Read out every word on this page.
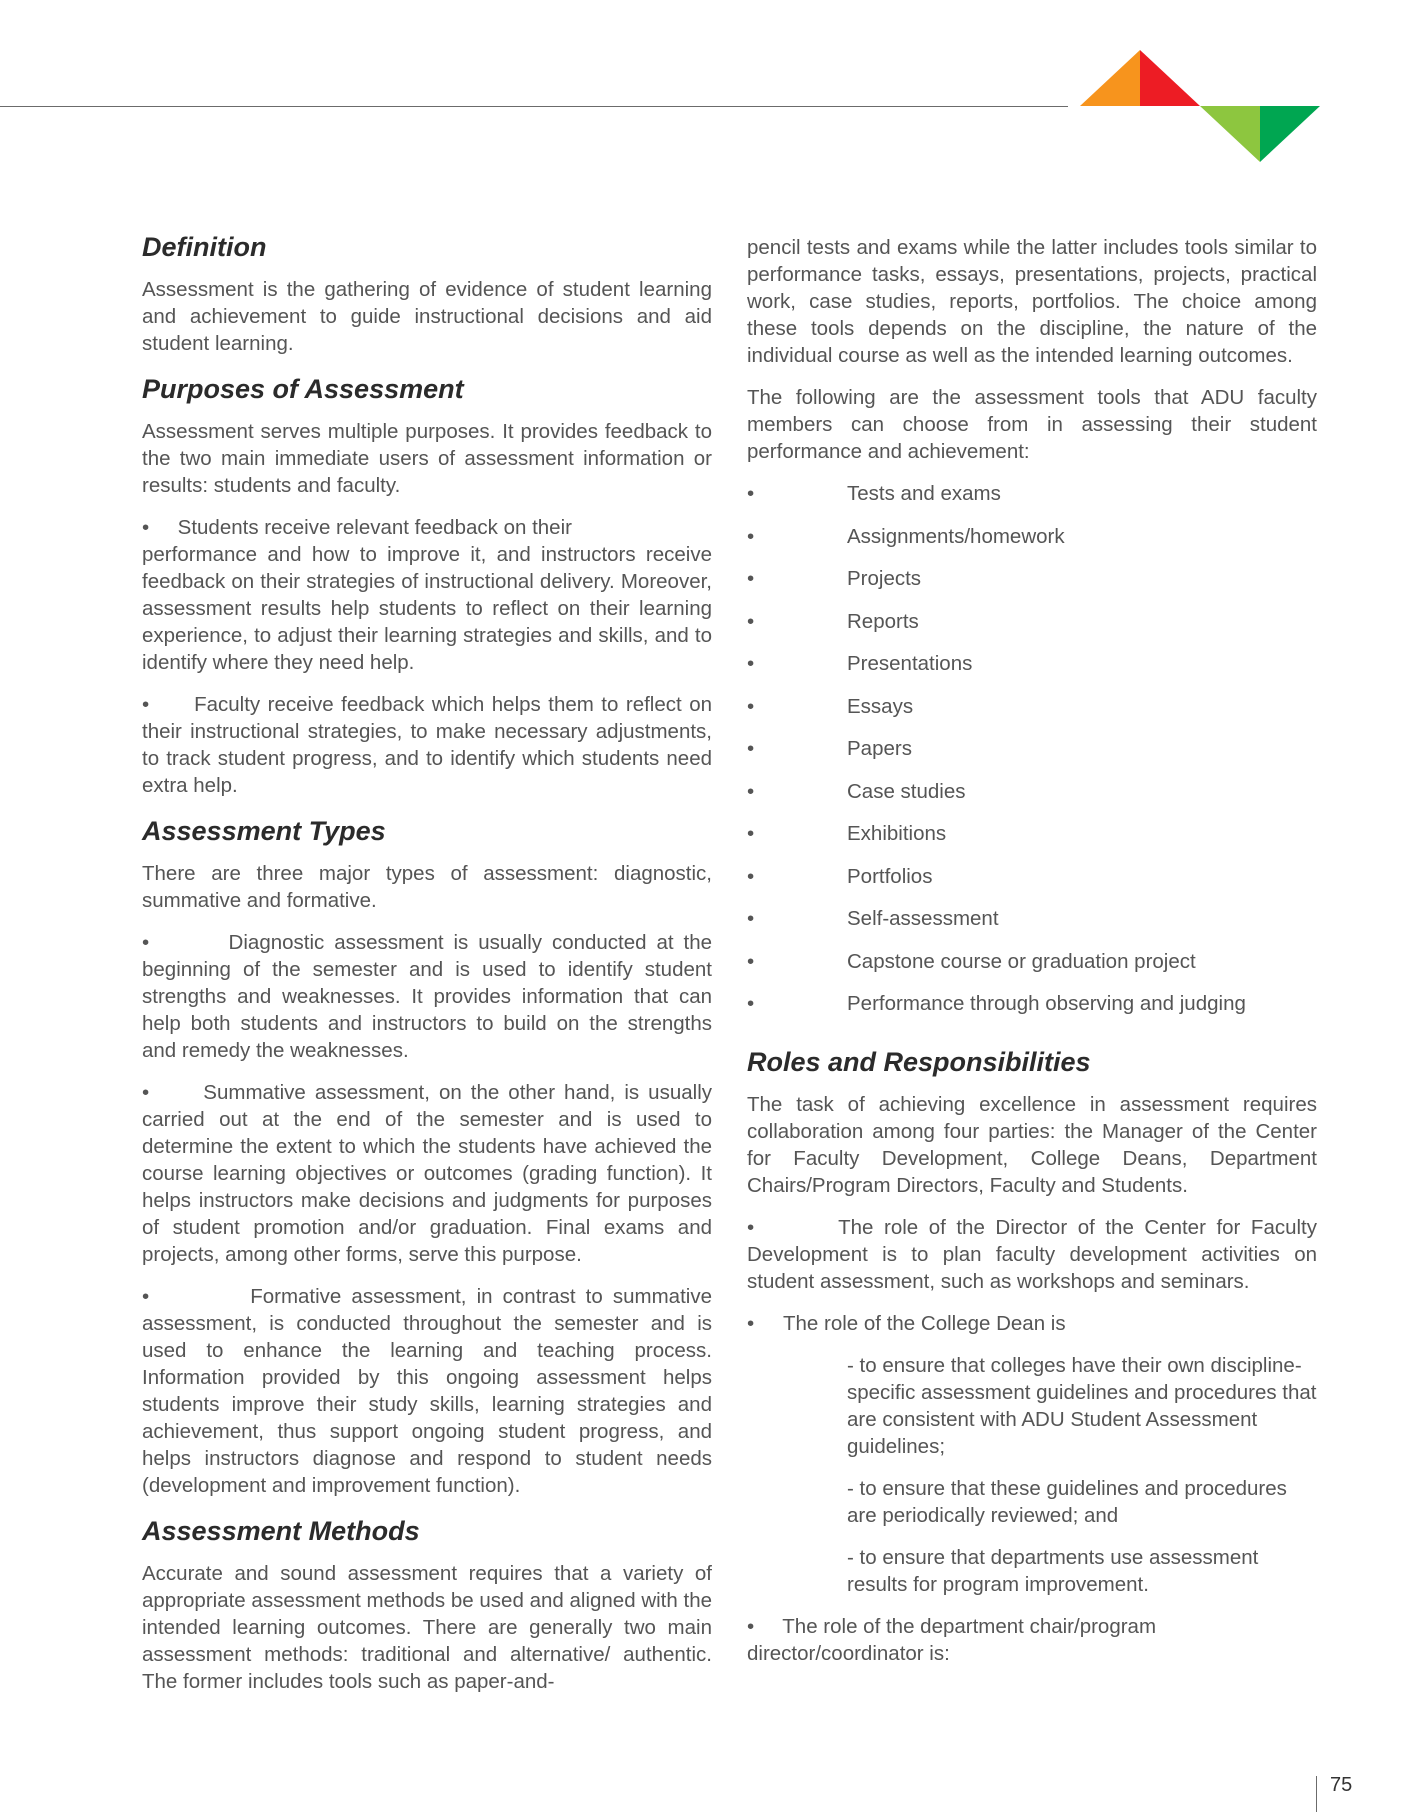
Definition

Assessment is the gathering of evidence of student learning and achievement to guide instructional decisions and aid student learning.

Purposes of Assessment

Assessment serves multiple purposes. It provides feedback to the two main immediate users of assessment information or results: students and faculty.

•     Students receive relevant feedback on their
performance and how to improve it, and instructors receive feedback on their strategies of instructional delivery. Moreover, assessment results help students to reflect on their learning experience, to adjust their learning strategies and skills, and to identify where they need help.

•      Faculty receive feedback which helps them to reflect on their instructional strategies, to make necessary adjustments, to track student progress, and to identify which students need extra help.

Assessment Types

There are three major types of assessment: diagnostic, summative and formative.

•        Diagnostic assessment is usually conducted at the beginning of the semester and is used to identify student strengths and weaknesses. It provides information that can help both students and instructors to build on the strengths and remedy the weaknesses.

•      Summative assessment, on the other hand, is usually carried out at the end of the semester and is used to determine the extent to which the students have achieved the course learning objectives or outcomes (grading function). It helps instructors make decisions and judgments for purposes of student promotion and/or graduation. Final exams and projects, among other forms, serve this purpose.

•          Formative assessment, in contrast to summative assessment, is conducted throughout the semester and is used to enhance the learning and teaching process. Information provided by this ongoing assessment helps students improve their study skills, learning strategies and achievement, thus support ongoing student progress, and helps instructors diagnose and respond to student needs (development and improvement function).

Assessment Methods

Accurate and sound assessment requires that a variety of appropriate assessment methods be used and aligned with the intended learning outcomes. There are generally two main assessment methods: traditional and alternative/ authentic. The former includes tools such as paper-and-

pencil tests and exams while the latter includes tools similar to performance tasks, essays, presentations, projects, practical work, case studies, reports, portfolios. The choice among these tools depends on the discipline, the nature of the individual course as well as the intended learning outcomes.

The following are the assessment tools that ADU faculty members can choose from in assessing their student performance and achievement:

•	Tests and exams
•	Assignments/homework
•	Projects
•	Reports
•	Presentations
•	Essays
•	Papers
•	Case studies
•	Exhibitions
•	Portfolios
•	Self-assessment
•	Capstone course or graduation project
•	Performance through observing and judging
Roles and Responsibilities

The task of achieving excellence in assessment requires collaboration among four parties: the Manager of the Center for Faculty Development, College Deans, Department Chairs/Program Directors, Faculty and Students.

•        The role of the Director of the Center for Faculty Development is to plan faculty development activities on student assessment, such as workshops and seminars.

•	The role of the College Dean is

- to ensure that colleges have their own discipline-specific assessment guidelines and procedures that are consistent with ADU Student Assessment guidelines;

- to ensure that these guidelines and procedures are periodically reviewed; and

- to ensure that departments use assessment results for program improvement.

•     The role of the department chair/program director/coordinator is:

75
